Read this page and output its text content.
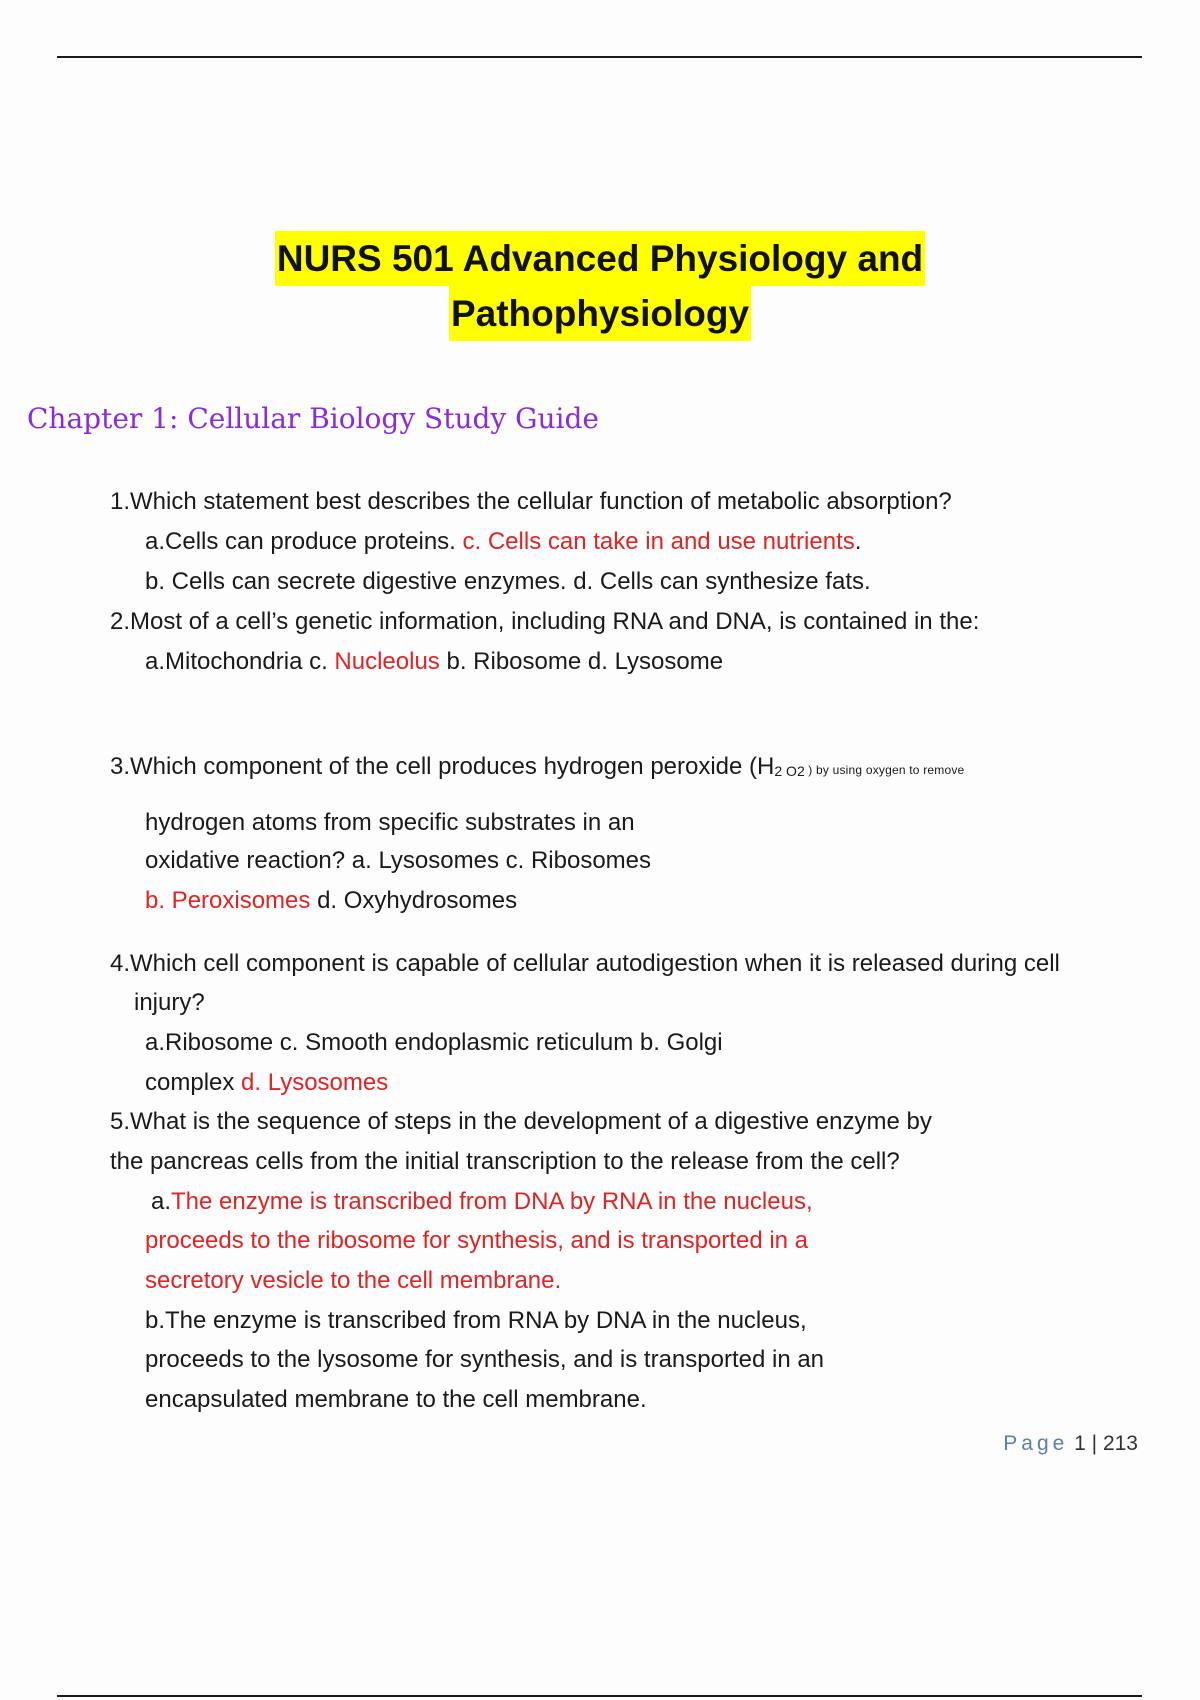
NURS 501 Advanced Physiology and
Pathophysiology
Chapter 1: Cellular Biology Study Guide
1.Which statement best describes the cellular function of metabolic absorption?
a.Cells can produce proteins. c. Cells can take in and use nutrients.
b. Cells can secrete digestive enzymes. d. Cells can synthesize fats.
2.Most of a cell’s genetic information, including RNA and DNA, is contained in the:
a.Mitochondria c. Nucleolus b. Ribosome d. Lysosome
3.Which component of the cell produces hydrogen peroxide (H2 O2 ) by using oxygen to remove
hydrogen atoms from specific substrates in an
oxidative reaction? a. Lysosomes c. Ribosomes
b. Peroxisomes d. Oxyhydrosomes
4.Which cell component is capable of cellular autodigestion when it is released during cell
injury?
a.Ribosome c. Smooth endoplasmic reticulum b. Golgi
complex d. Lysosomes
5.What is the sequence of steps in the development of a digestive enzyme by
the pancreas cells from the initial transcription to the release from the cell?
a.The enzyme is transcribed from DNA by RNA in the nucleus,
proceeds to the ribosome for synthesis, and is transported in a
secretory vesicle to the cell membrane.
b.The enzyme is transcribed from RNA by DNA in the nucleus,
proceeds to the lysosome for synthesis, and is transported in an
encapsulated membrane to the cell membrane.
Page 1 | 213
